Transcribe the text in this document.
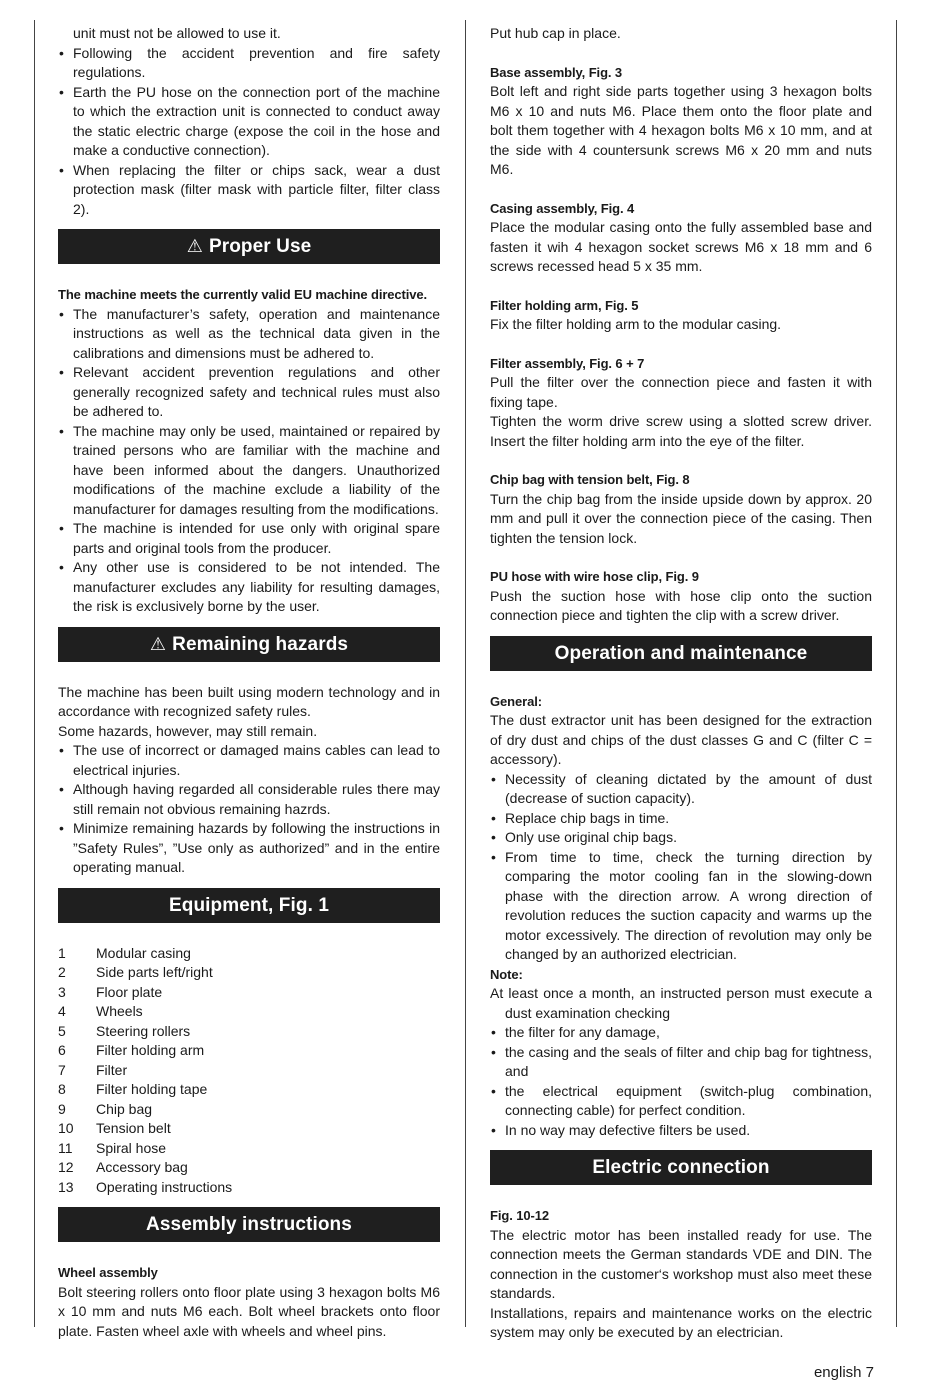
unit must not be allowed to use it.

• Following the accident prevention and fire safety regulations.
• Earth the PU hose on the connection port of the machine to which the extraction unit is connected to conduct away the static electric charge (expose the coil in the hose and make a conductive connection).
• When replacing the filter or chips sack, wear a dust protection mask (filter mask with particle filter, filter class 2).
⚠ Proper Use

The machine meets the currently valid EU machine directive.

• The manufacturer’s safety, operation and maintenance instructions as well as the technical data given in the calibrations and dimensions must be adhered to.
• Relevant accident prevention regulations and other generally recognized safety and technical rules must also be adhered to.
• The machine may only be used, maintained or repaired by trained persons who are familiar with the machine and have been informed about the dangers. Unauthorized modifications of the machine exclude a liability of the manufacturer for damages resulting from the modifications.
• The machine is intended for use only with original spare parts and original tools from the producer.
• Any other use is considered to be not intended. The manufacturer excludes any liability for resulting damages, the risk is exclusively borne by the user.
⚠ Remaining hazards

The machine has been built using modern technology and in accordance with recognized safety rules.

Some hazards, however, may still remain.

• The use of incorrect or damaged mains cables can lead to electrical injuries.
• Although having regarded all considerable rules there may still remain not obvious remaining hazrds.
• Minimize remaining hazards by following the instructions in ”Safety Rules”, ”Use only as authorized” and in the entire operating manual.
Equipment, Fig. 1
1	Modular casing
2	Side parts left/right
3	Floor plate
4	Wheels
5	Steering rollers
6	Filter holding arm
7	Filter
8	Filter holding tape
9	Chip bag
10	Tension belt
11	Spiral hose
12	Accessory bag
13	Operating instructions
Assembly instructions

Wheel assembly

Bolt steering rollers onto floor plate using 3 hexagon bolts M6 x 10 mm and nuts M6 each. Bolt wheel brackets onto floor plate. Fasten wheel axle with wheels and wheel pins.

Put hub cap in place.

Base assembly, Fig. 3

Bolt left and right side parts together using 3 hexagon bolts M6 x 10 and nuts M6. Place them onto the floor plate and bolt them together with 4 hexagon bolts M6 x 10 mm, and at the side with 4 countersunk screws M6 x 20 mm and nuts M6.

Casing assembly, Fig. 4

Place the modular casing onto the fully assembled base and fasten it wih 4 hexagon socket screws M6 x 18 mm and 6 screws recessed head 5 x 35 mm.

Filter holding arm, Fig. 5

Fix the filter holding arm to the modular casing.

Filter assembly, Fig. 6 + 7

Pull the filter over the connection piece and fasten it with fixing tape.

Tighten the worm drive screw using a slotted screw driver. Insert the filter holding arm into the eye of the filter.

Chip bag with tension belt, Fig. 8

Turn the chip bag from the inside upside down by approx. 20 mm and pull it over the connection piece of the casing. Then tighten the tension lock.

PU hose with wire hose clip, Fig. 9

Push the suction hose with hose clip onto the suction connection piece and tighten the clip with a screw driver.

Operation and maintenance

General:

The dust extractor unit has been designed for the extraction of dry dust and chips of the dust classes G and C (filter C = accessory).

• Necessity of cleaning dictated by the amount of dust (decrease of suction capacity).
• Replace chip bags in time.
• Only use original chip bags.
• From time to time, check the turning direction by comparing the motor cooling fan in the slowing-down phase with the direction arrow. A wrong direction of revolution reduces the suction capacity and warms up the motor excessively. The direction of revolution may only be changed by an authorized electrician.

Note:

At least once a month, an instructed person must execute a dust examination checking

• the filter for any damage,
• the casing and the seals of filter and chip bag for tightness, and
• the electrical equipment (switch-plug combination, connecting cable) for perfect condition.
• In no way may defective filters be used.
Electric connection

Fig. 10-12

The electric motor has been installed ready for use. The connection meets the German standards VDE and DIN. The connection in the customer‘s workshop must also meet these standards.

Installations, repairs and maintenance works on the electric system may only be executed by an electrician.

english 7
